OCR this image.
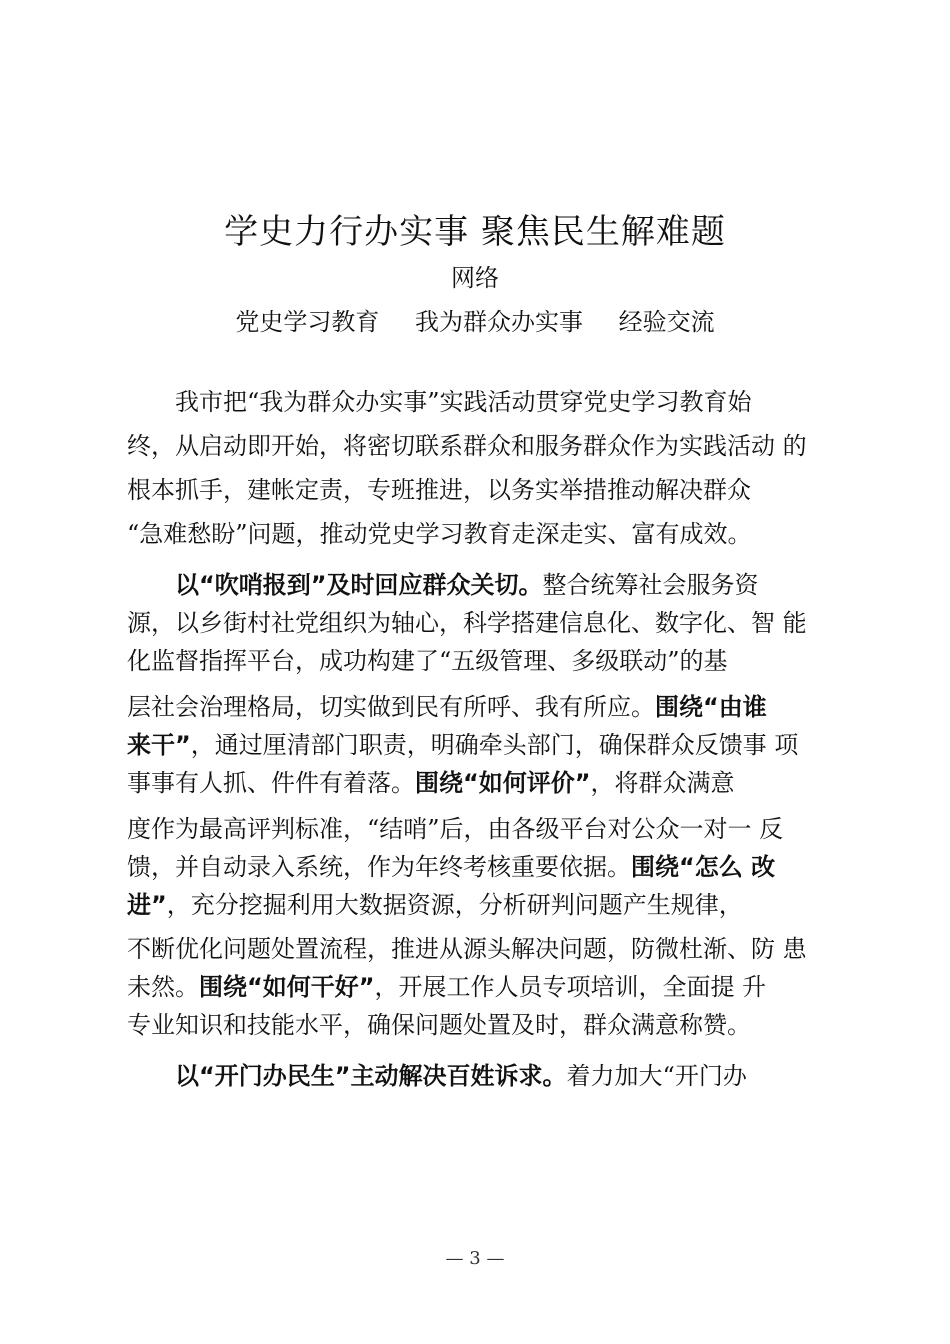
学史力行办实事 聚焦民生解难题
网络
党史学习教育 我为群众办实事 经验交流
我市把“我为群众办实事”实践活动贯穿党史学习教育始
终，从启动即开始，将密切联系群众和服务群众作为实践活动 的
根本抓手，建帐定责，专班推进，以务实举措推动解决群众
“急难愁盼”问题，推动党史学习教育走深走实、富有成效。
以“吹哨报到”及时回应群众关切。整合统筹社会服务资
源，以乡街村社党组织为轴心，科学搭建信息化、数字化、智 能
化监督指挥平台，成功构建了“五级管理、多级联动”的基
层社会治理格局，切实做到民有所呼、我有所应。围绕“由谁
来干”，通过厘清部门职责，明确牵头部门，确保群众反馈事 项
事事有人抓、件件有着落。围绕“如何评价”，将群众满意
度作为最高评判标准，“结哨”后，由各级平台对公众一对一 反
馈，并自动录入系统，作为年终考核重要依据。围绕“怎么 改
进”，充分挖掘利用大数据资源，分析研判问题产生规律，
不断优化问题处置流程，推进从源头解决问题，防微杜渐、防 患
未然。围绕“如何干好”，开展工作人员专项培训，全面提 升
专业知识和技能水平，确保问题处置及时，群众满意称赞。
以“开门办民生”主动解决百姓诉求。着力加大“开门办
— 3 —
